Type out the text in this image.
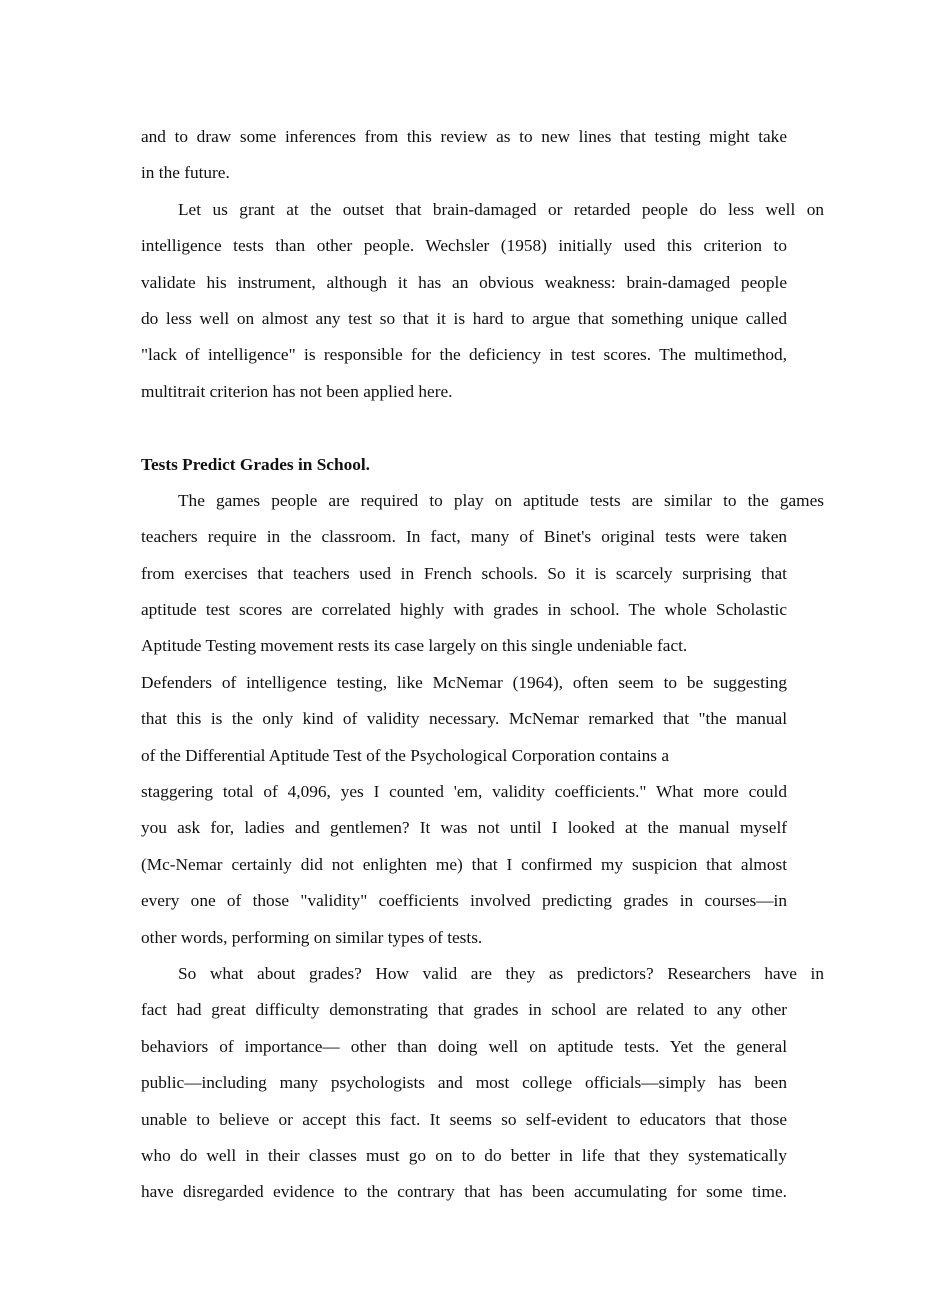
and to draw some inferences from this review as to new lines that testing might take
in the future.
Let us grant at the outset that brain-damaged or retarded people do less well on
intelligence tests than other people. Wechsler (1958) initially used this criterion to
validate his instrument, although it has an obvious weakness: brain-damaged people
do less well on almost any test so that it is hard to argue that something unique called
"lack of intelligence" is responsible for the deficiency in test scores. The multimethod,
multitrait criterion has not been applied here.
Tests Predict Grades in School.
The games people are required to play on aptitude tests are similar to the games
teachers require in the classroom. In fact, many of Binet's original tests were taken
from exercises that teachers used in French schools. So it is scarcely surprising that
aptitude test scores are correlated highly with grades in school. The whole Scholastic
Aptitude Testing movement rests its case largely on this single undeniable fact.
Defenders of intelligence testing, like McNemar (1964), often seem to be suggesting
that this is the only kind of validity necessary. McNemar remarked that "the manual
of the Differential Aptitude Test of the Psychological Corporation contains a
staggering total of 4,096, yes I counted 'em, validity coefficients." What more could
you ask for, ladies and gentlemen? It was not until I looked at the manual myself
(Mc-Nemar certainly did not enlighten me) that I confirmed my suspicion that almost
every one of those "validity" coefficients involved predicting grades in courses—in
other words, performing on similar types of tests.
So what about grades? How valid are they as predictors? Researchers have in
fact had great difficulty demonstrating that grades in school are related to any other
behaviors of importance— other than doing well on aptitude tests. Yet the general
public—including many psychologists and most college officials—simply has been
unable to believe or accept this fact. It seems so self-evident to educators that those
who do well in their classes must go on to do better in life that they systematically
have disregarded evidence to the contrary that has been accumulating for some time.
